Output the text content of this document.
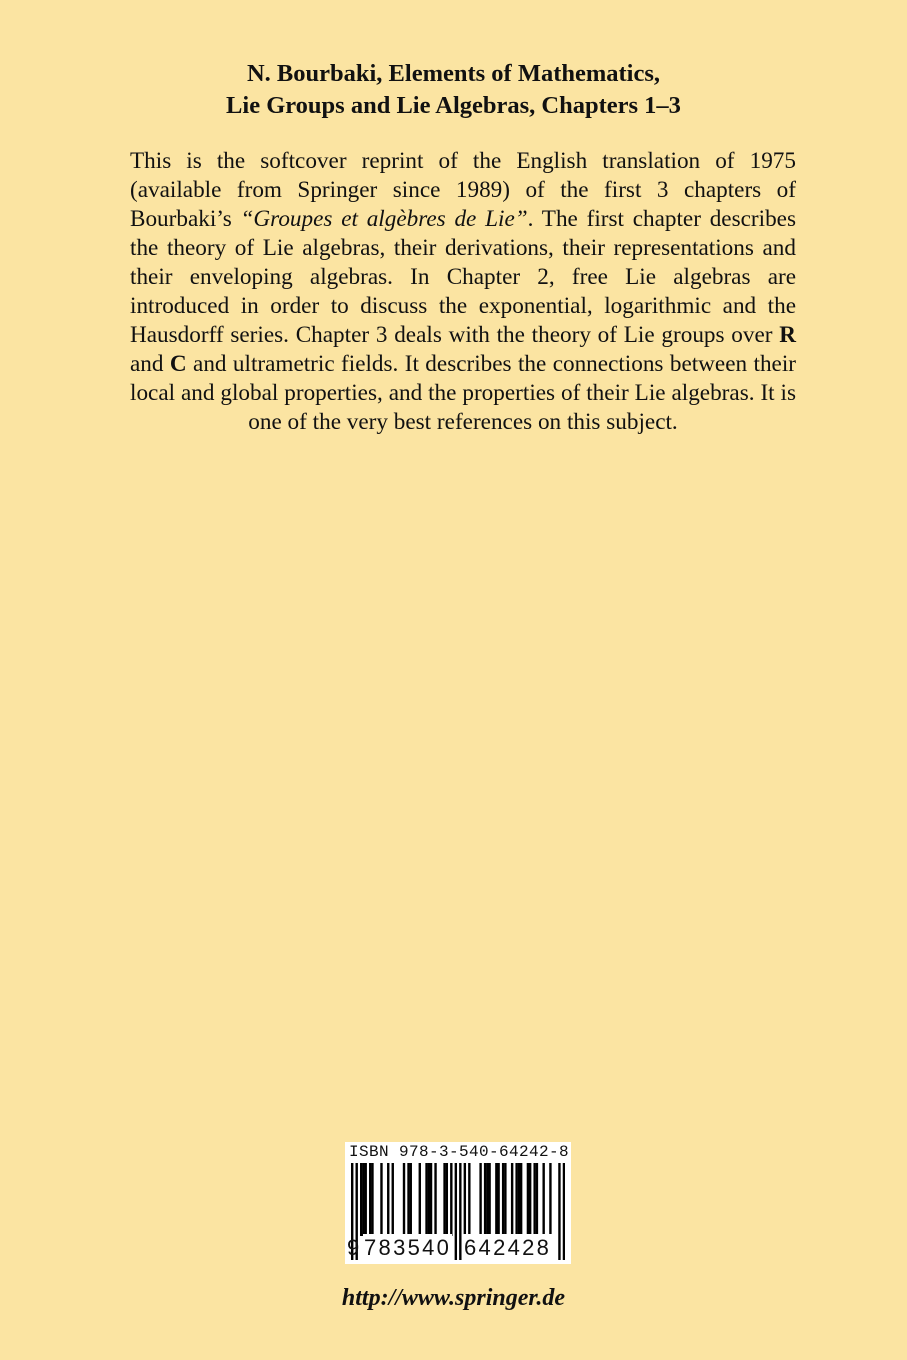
N. Bourbaki, Elements of Mathematics,
Lie Groups and Lie Algebras, Chapters 1–3
This is the softcover reprint of the English translation of 1975 (available from Springer since 1989) of the first 3 chapters of Bourbaki’s “Groupes et algèbres de Lie”. The first chapter describes the theory of Lie algebras, their derivations, their representations and their enveloping algebras. In Chapter 2, free Lie algebras are introduced in order to discuss the exponential, logarithmic and the Hausdorff series. Chapter 3 deals with the theory of Lie groups over R and C and ultrametric fields. It describes the connections between their local and global properties, and the properties of their Lie algebras. It is one of the very best references on this subject.
ISBN 978-3-540-64242-8
9 783540 642428
http://www.springer.de
